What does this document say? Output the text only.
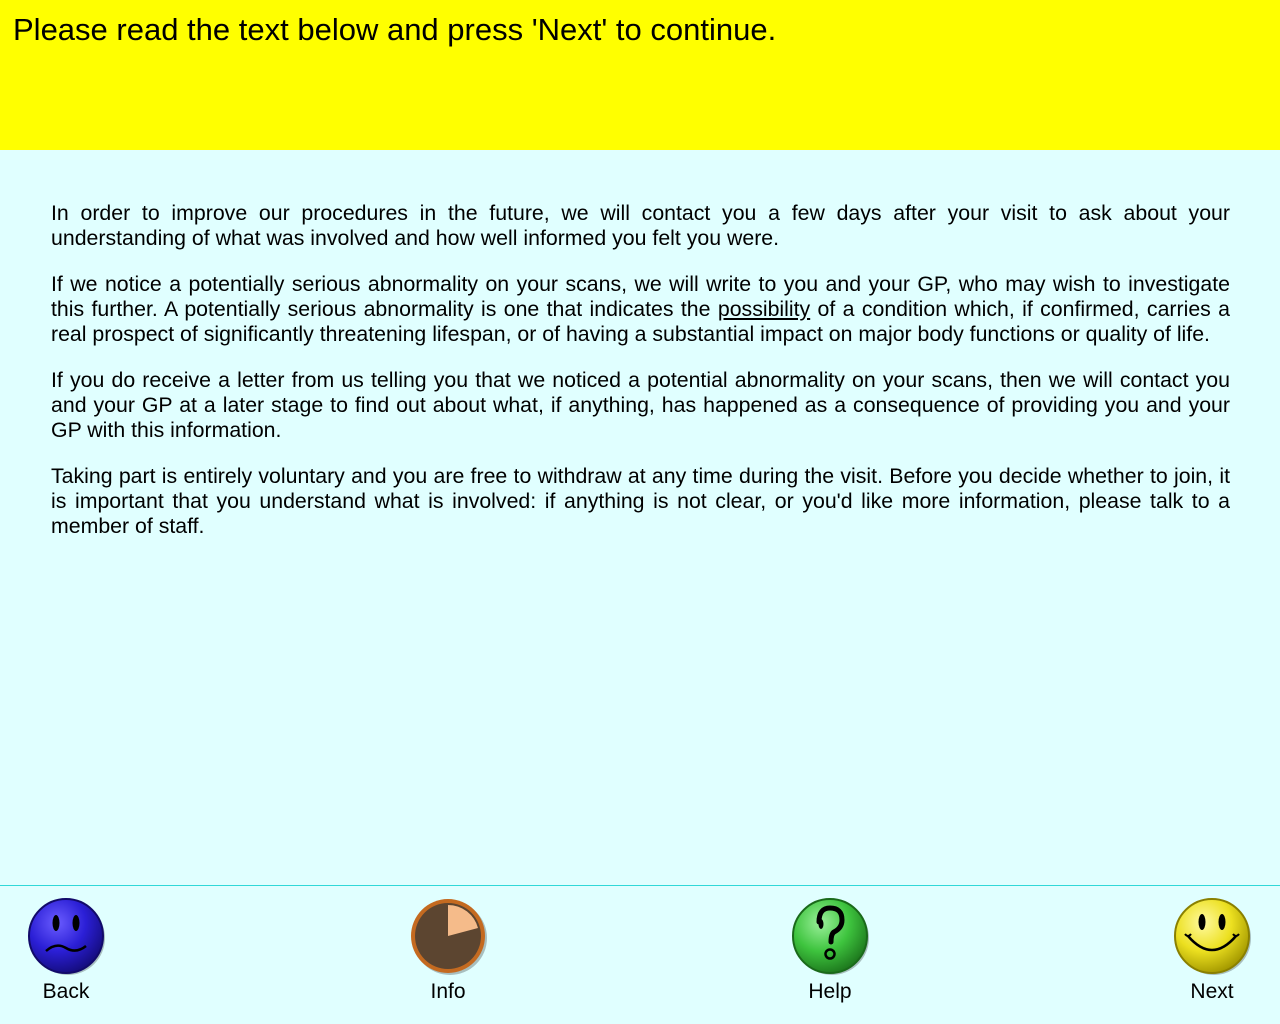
Please read the text below and press 'Next' to continue.

In order to improve our procedures in the future, we will contact you a few days after your visit to ask about your understanding of what was involved and how well informed you felt you were.

If we notice a potentially serious abnormality on your scans, we will write to you and your GP, who may wish to investigate this further. A potentially serious abnormality is one that indicates the possibility of a condition which, if confirmed, carries a real prospect of significantly threatening lifespan, or of having a substantial impact on major body functions or quality of life.

If you do receive a letter from us telling you that we noticed a potential abnormality on your scans, then we will contact you and your GP at a later stage to find out about what, if anything, has happened as a consequence of providing you and your GP with this information.

Taking part is entirely voluntary and you are free to withdraw at any time during the visit. Before you decide whether to join, it is important that you understand what is involved: if anything is not clear, or you'd like more information, please talk to a member of staff.

Back	Info	Help	Next
